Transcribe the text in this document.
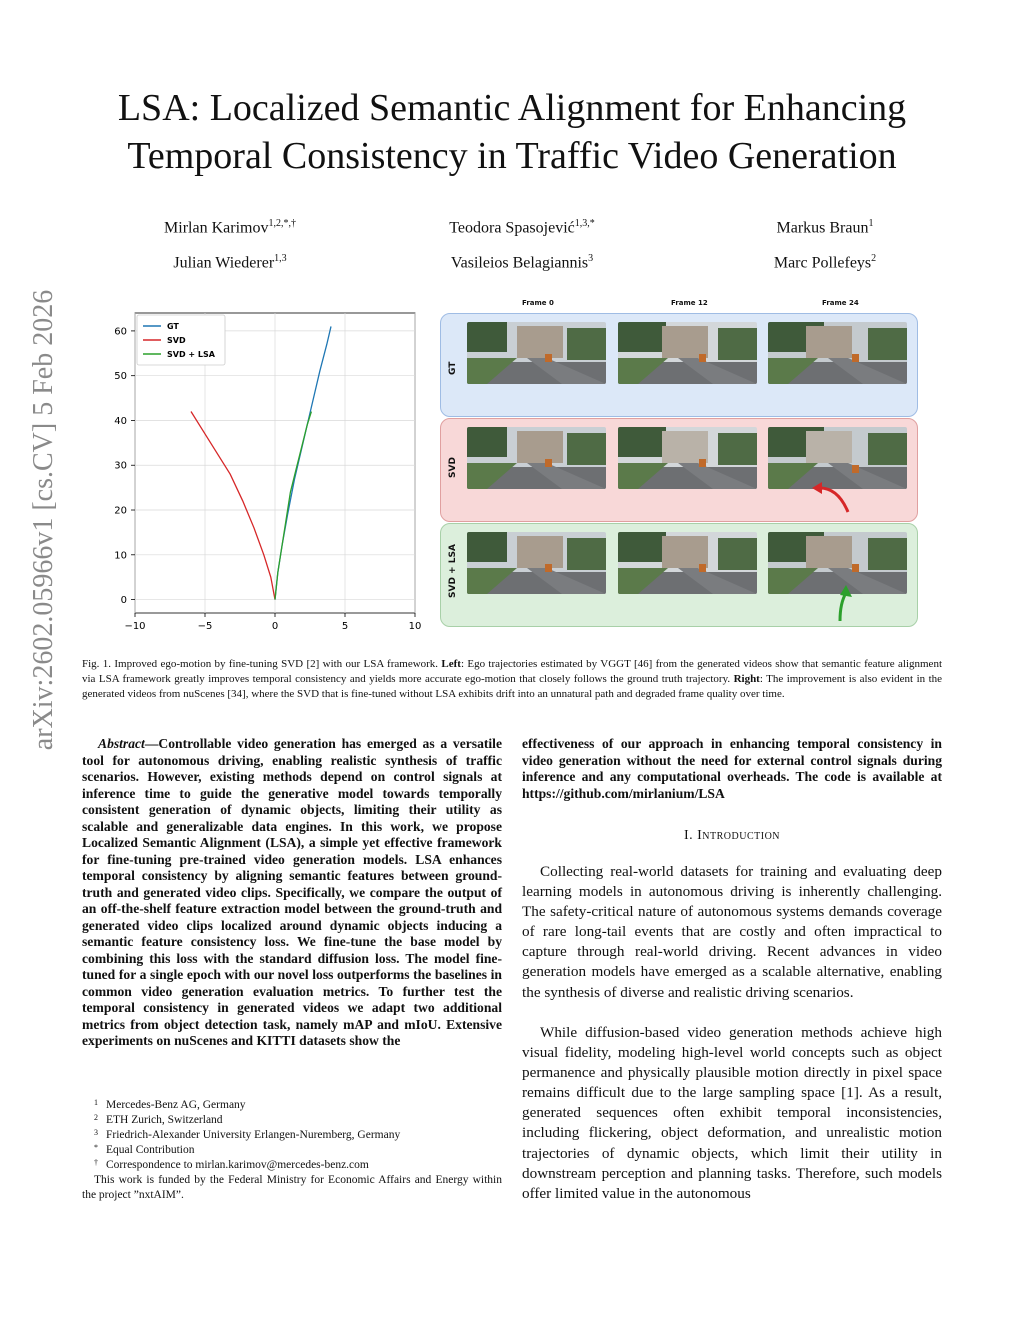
LSA: Localized Semantic Alignment for Enhancing
Temporal Consistency in Traffic Video Generation
Mirlan Karimov$^{1,2,*,\dagger}$	Teodora Spasojević$^{1,3,*}$	Markus Braun$^1$
Julian Wiederer$^{1,3}$	Vasileios Belagiannis$^3$	Marc Pollefeys$^2$
arXiv:2602.05966v1 [cs.CV] 5 Feb 2026	−10	−5	0	5	10
0
10
20
30
40
50
60	GT
SVD
SVD + LSA
Frame 0	Frame 12	Frame 24
GT
SVD
SVD + LSA
Fig. 1. Improved ego-motion by fine-tuning SVD [2] with our LSA framework. Left: Ego trajectories estimated by VGGT [46] from the generated videos show that semantic feature alignment via LSA framework greatly improves temporal consistency and yields more accurate ego-motion that closely follows the ground truth trajectory. Right: The improvement is also evident in the generated videos from nuScenes [34], where the SVD that is fine-tuned without LSA exhibits drift into an unnatural path and degraded frame quality over time.
Abstract—Controllable video generation has emerged as a versatile tool for autonomous driving, enabling realistic synthesis of traffic scenarios. However, existing methods depend on control signals at inference time to guide the generative model towards temporally consistent generation of dynamic objects, limiting their utility as scalable and generalizable data engines. In this work, we propose Localized Semantic Alignment (LSA), a simple yet effective framework for fine-tuning pre-trained video generation models. LSA enhances temporal consistency by aligning semantic features between ground-truth and generated video clips. Specifically, we compare the output of an off-the-shelf feature extraction model between the ground-truth and generated video clips localized around dynamic objects inducing a semantic feature consistency loss. We fine-tune the base model by combining this loss with the standard diffusion loss. The model fine-tuned for a single epoch with our novel loss outperforms the baselines in common video generation evaluation metrics. To further test the temporal consistency in generated videos we adapt two additional metrics from object detection task, namely mAP and mIoU. Extensive experiments on nuScenes and KITTI datasets show the
effectiveness of our approach in enhancing temporal consistency in video generation without the need for external control signals during inference and any computational overheads. The code is available at https://github.com/mirlanium/LSA
I. Introduction
Collecting real-world datasets for training and evaluating deep learning models in autonomous driving is inherently challenging. The safety-critical nature of autonomous systems demands coverage of rare long-tail events that are costly and often impractical to capture through real-world driving. Recent advances in video generation models have emerged as a scalable alternative, enabling the synthesis of diverse and realistic driving scenarios.
While diffusion-based video generation methods achieve high visual fidelity, modeling high-level world concepts such as object permanence and physically plausible motion directly in pixel space remains difficult due to the large sampling space [1]. As a result, generated sequences often exhibit temporal inconsistencies, including flickering, object deformation, and unrealistic motion trajectories of dynamic objects, which limit their utility in downstream perception and planning tasks. Therefore, such models offer limited value in the autonomous
1 Mercedes-Benz AG, Germany
2 ETH Zurich, Switzerland
3 Friedrich-Alexander University Erlangen-Nuremberg, Germany
* Equal Contribution
† Correspondence to mirlan.karimov@mercedes-benz.com
This work is funded by the Federal Ministry for Economic Affairs and Energy within the project ”nxtAIM”.
